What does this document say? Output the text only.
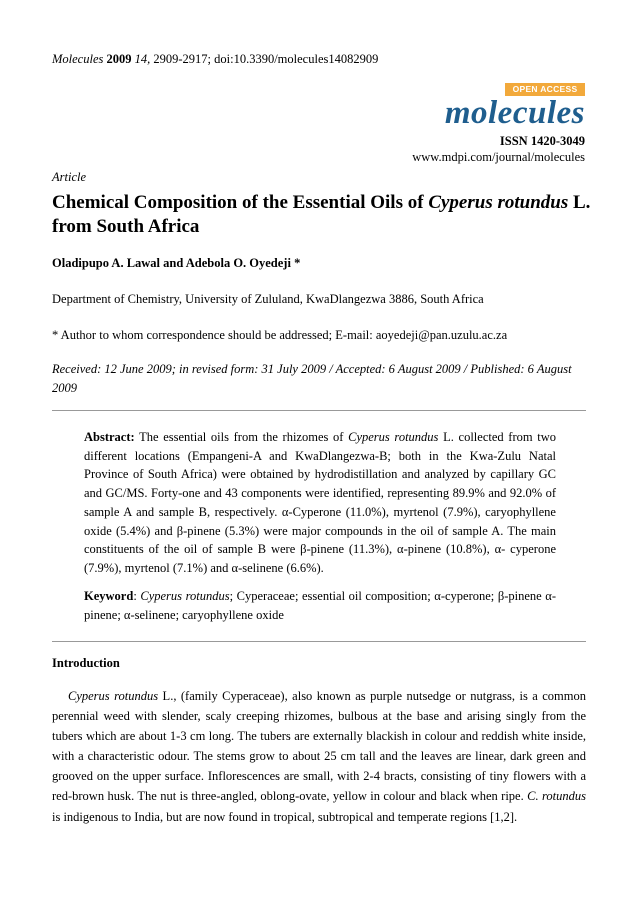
Molecules 2009 14, 2909-2917; doi:10.3390/molecules14082909
OPEN ACCESS
molecules
ISSN 1420-3049
www.mdpi.com/journal/molecules
Article
Chemical Composition of the Essential Oils of Cyperus rotundus L. from South Africa
Oladipupo A. Lawal and Adebola O. Oyedeji *
Department of Chemistry, University of Zululand, KwaDlangezwa 3886, South Africa
* Author to whom correspondence should be addressed; E-mail: aoyedeji@pan.uzulu.ac.za
Received: 12 June 2009; in revised form: 31 July 2009 / Accepted: 6 August 2009 / Published: 6 August 2009
Abstract: The essential oils from the rhizomes of Cyperus rotundus L. collected from two different locations (Empangeni-A and KwaDlangezwa-B; both in the Kwa-Zulu Natal Province of South Africa) were obtained by hydrodistillation and analyzed by capillary GC and GC/MS. Forty-one and 43 components were identified, representing 89.9% and 92.0% of sample A and sample B, respectively. α-Cyperone (11.0%), myrtenol (7.9%), caryophyllene oxide (5.4%) and β-pinene (5.3%) were major compounds in the oil of sample A. The main constituents of the oil of sample B were β-pinene (11.3%), α-pinene (10.8%), α- cyperone (7.9%), myrtenol (7.1%) and α-selinene (6.6%).
Keyword: Cyperus rotundus; Cyperaceae; essential oil composition; α-cyperone; β-pinene α-pinene; α-selinene; caryophyllene oxide
Introduction
Cyperus rotundus L., (family Cyperaceae), also known as purple nutsedge or nutgrass, is a common perennial weed with slender, scaly creeping rhizomes, bulbous at the base and arising singly from the tubers which are about 1-3 cm long. The tubers are externally blackish in colour and reddish white inside, with a characteristic odour. The stems grow to about 25 cm tall and the leaves are linear, dark green and grooved on the upper surface. Inflorescences are small, with 2-4 bracts, consisting of tiny flowers with a red-brown husk. The nut is three-angled, oblong-ovate, yellow in colour and black when ripe. C. rotundus is indigenous to India, but are now found in tropical, subtropical and temperate regions [1,2].
